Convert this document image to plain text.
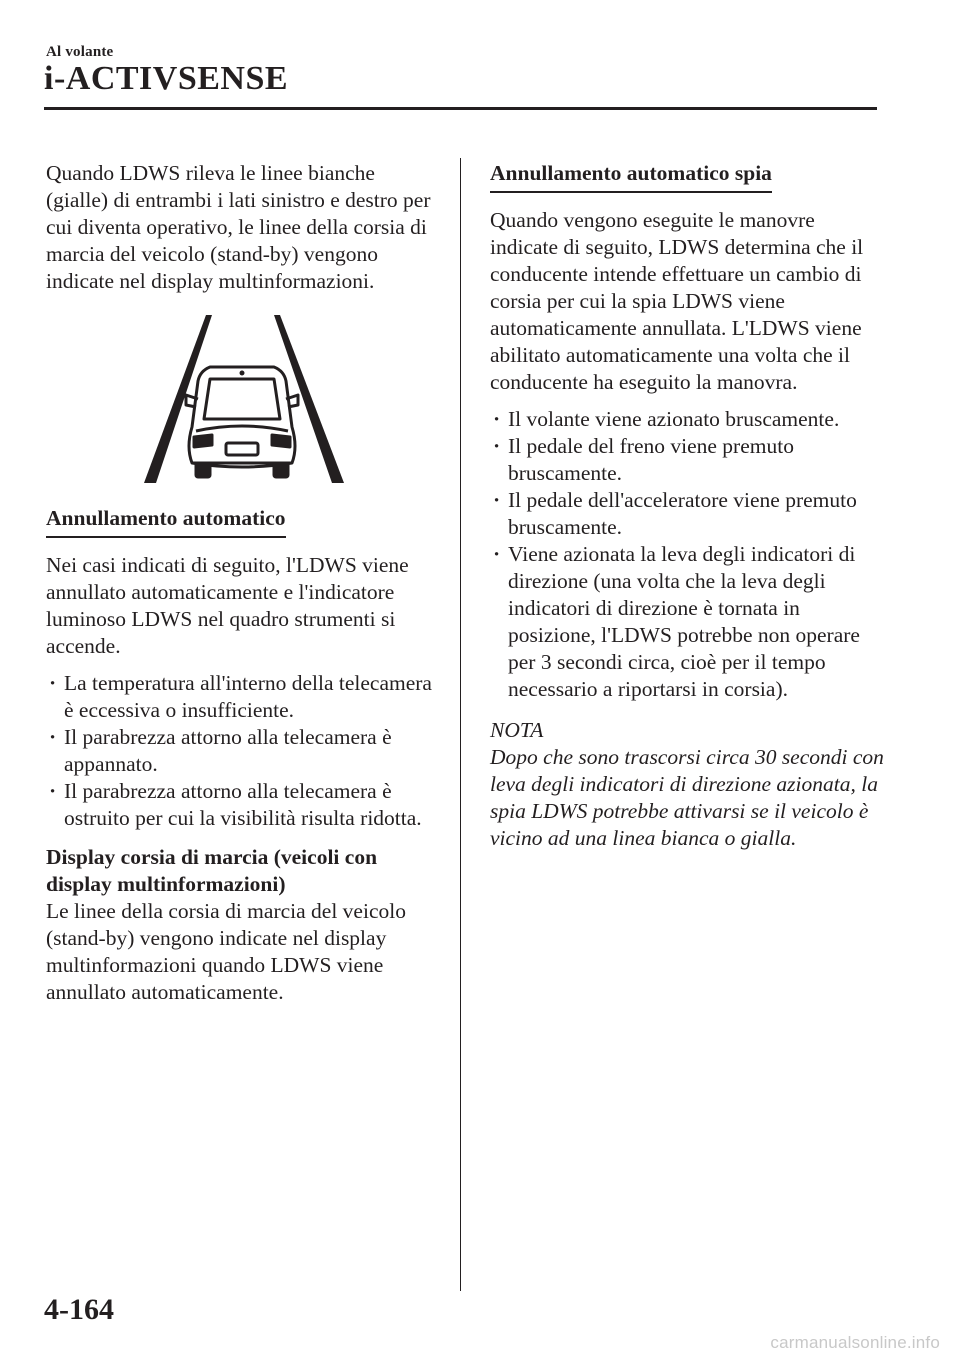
Al volante
i-ACTIVSENSE

Quando LDWS rileva le linee bianche (gialle) di entrambi i lati sinistro e destro per cui diventa operativo, le linee della corsia di marcia del veicolo (stand-by) vengono indicate nel display multinformazioni.

Annullamento automatico

Nei casi indicati di seguito, l'LDWS viene annullato automaticamente e l'indicatore luminoso LDWS nel quadro strumenti si accende.

· La temperatura all'interno della telecamera è eccessiva o insufficiente.
· Il parabrezza attorno alla telecamera è appannato.
· Il parabrezza attorno alla telecamera è ostruito per cui la visibilità risulta ridotta.

Display corsia di marcia (veicoli con display multinformazioni)

Le linee della corsia di marcia del veicolo (stand-by) vengono indicate nel display multinformazioni quando LDWS viene annullato automaticamente.

Annullamento automatico spia

Quando vengono eseguite le manovre indicate di seguito, LDWS determina che il conducente intende effettuare un cambio di corsia per cui la spia LDWS viene automaticamente annullata. L'LDWS viene abilitato automaticamente una volta che il conducente ha eseguito la manovra.

· Il volante viene azionato bruscamente.
· Il pedale del freno viene premuto bruscamente.
· Il pedale dell'acceleratore viene premuto bruscamente.
· Viene azionata la leva degli indicatori di direzione (una volta che la leva degli indicatori di direzione è tornata in posizione, l'LDWS potrebbe non operare per 3 secondi circa, cioè per il tempo necessario a riportarsi in corsia).

NOTA

Dopo che sono trascorsi circa 30 secondi con leva degli indicatori di direzione azionata, la spia LDWS potrebbe attivarsi se il veicolo è vicino ad una linea bianca o gialla.

4-164
carmanualsonline.info
